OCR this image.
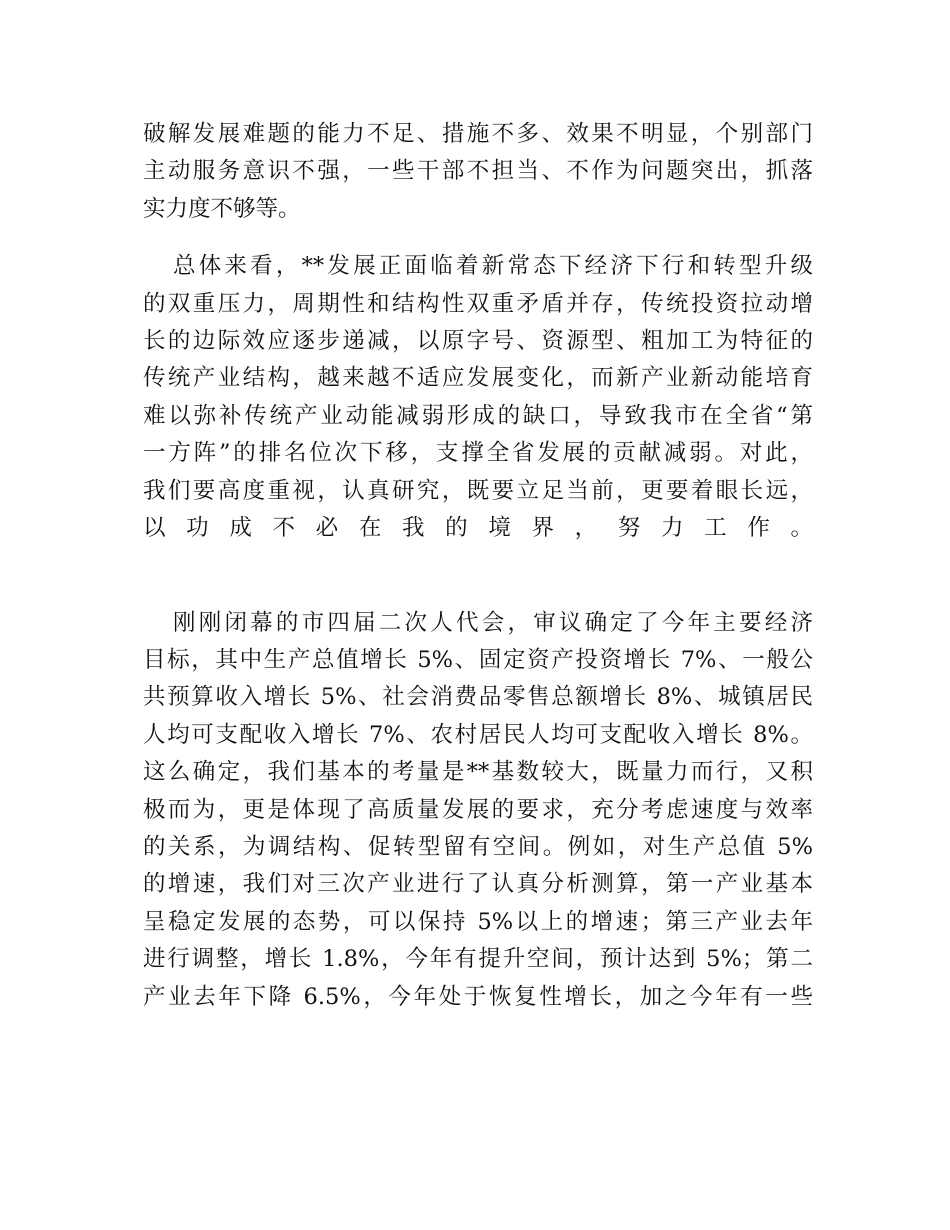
破解发展难题的能力不足、措施不多、效果不明显，个别部门
主动服务意识不强，一些干部不担当、不作为问题突出，抓落
实力度不够等。
总体来看，**发展正面临着新常态下经济下行和转型升级
的双重压力，周期性和结构性双重矛盾并存，传统投资拉动增
长的边际效应逐步递减，以原字号、资源型、粗加工为特征的
传统产业结构，越来越不适应发展变化，而新产业新动能培育
难以弥补传统产业动能减弱形成的缺口，导致我市在全省“第
一方阵”的排名位次下移，支撑全省发展的贡献减弱。对此，
我们要高度重视，认真研究，既要立足当前，更要着眼长远，
以功成不必在我的境界，努力工作。
刚刚闭幕的市四届二次人代会，审议确定了今年主要经济
目标，其中生产总值增长 5%、固定资产投资增长 7%、一般公
共预算收入增长 5%、社会消费品零售总额增长 8%、城镇居民
人均可支配收入增长 7%、农村居民人均可支配收入增长 8%。
这么确定，我们基本的考量是**基数较大，既量力而行，又积
极而为，更是体现了高质量发展的要求，充分考虑速度与效率
的关系，为调结构、促转型留有空间。例如，对生产总值 5%
的增速，我们对三次产业进行了认真分析测算，第一产业基本
呈稳定发展的态势，可以保持 5%以上的增速；第三产业去年
进行调整，增长 1.8%，今年有提升空间，预计达到 5%；第二
产业去年下降 6.5%，今年处于恢复性增长，加之今年有一些
